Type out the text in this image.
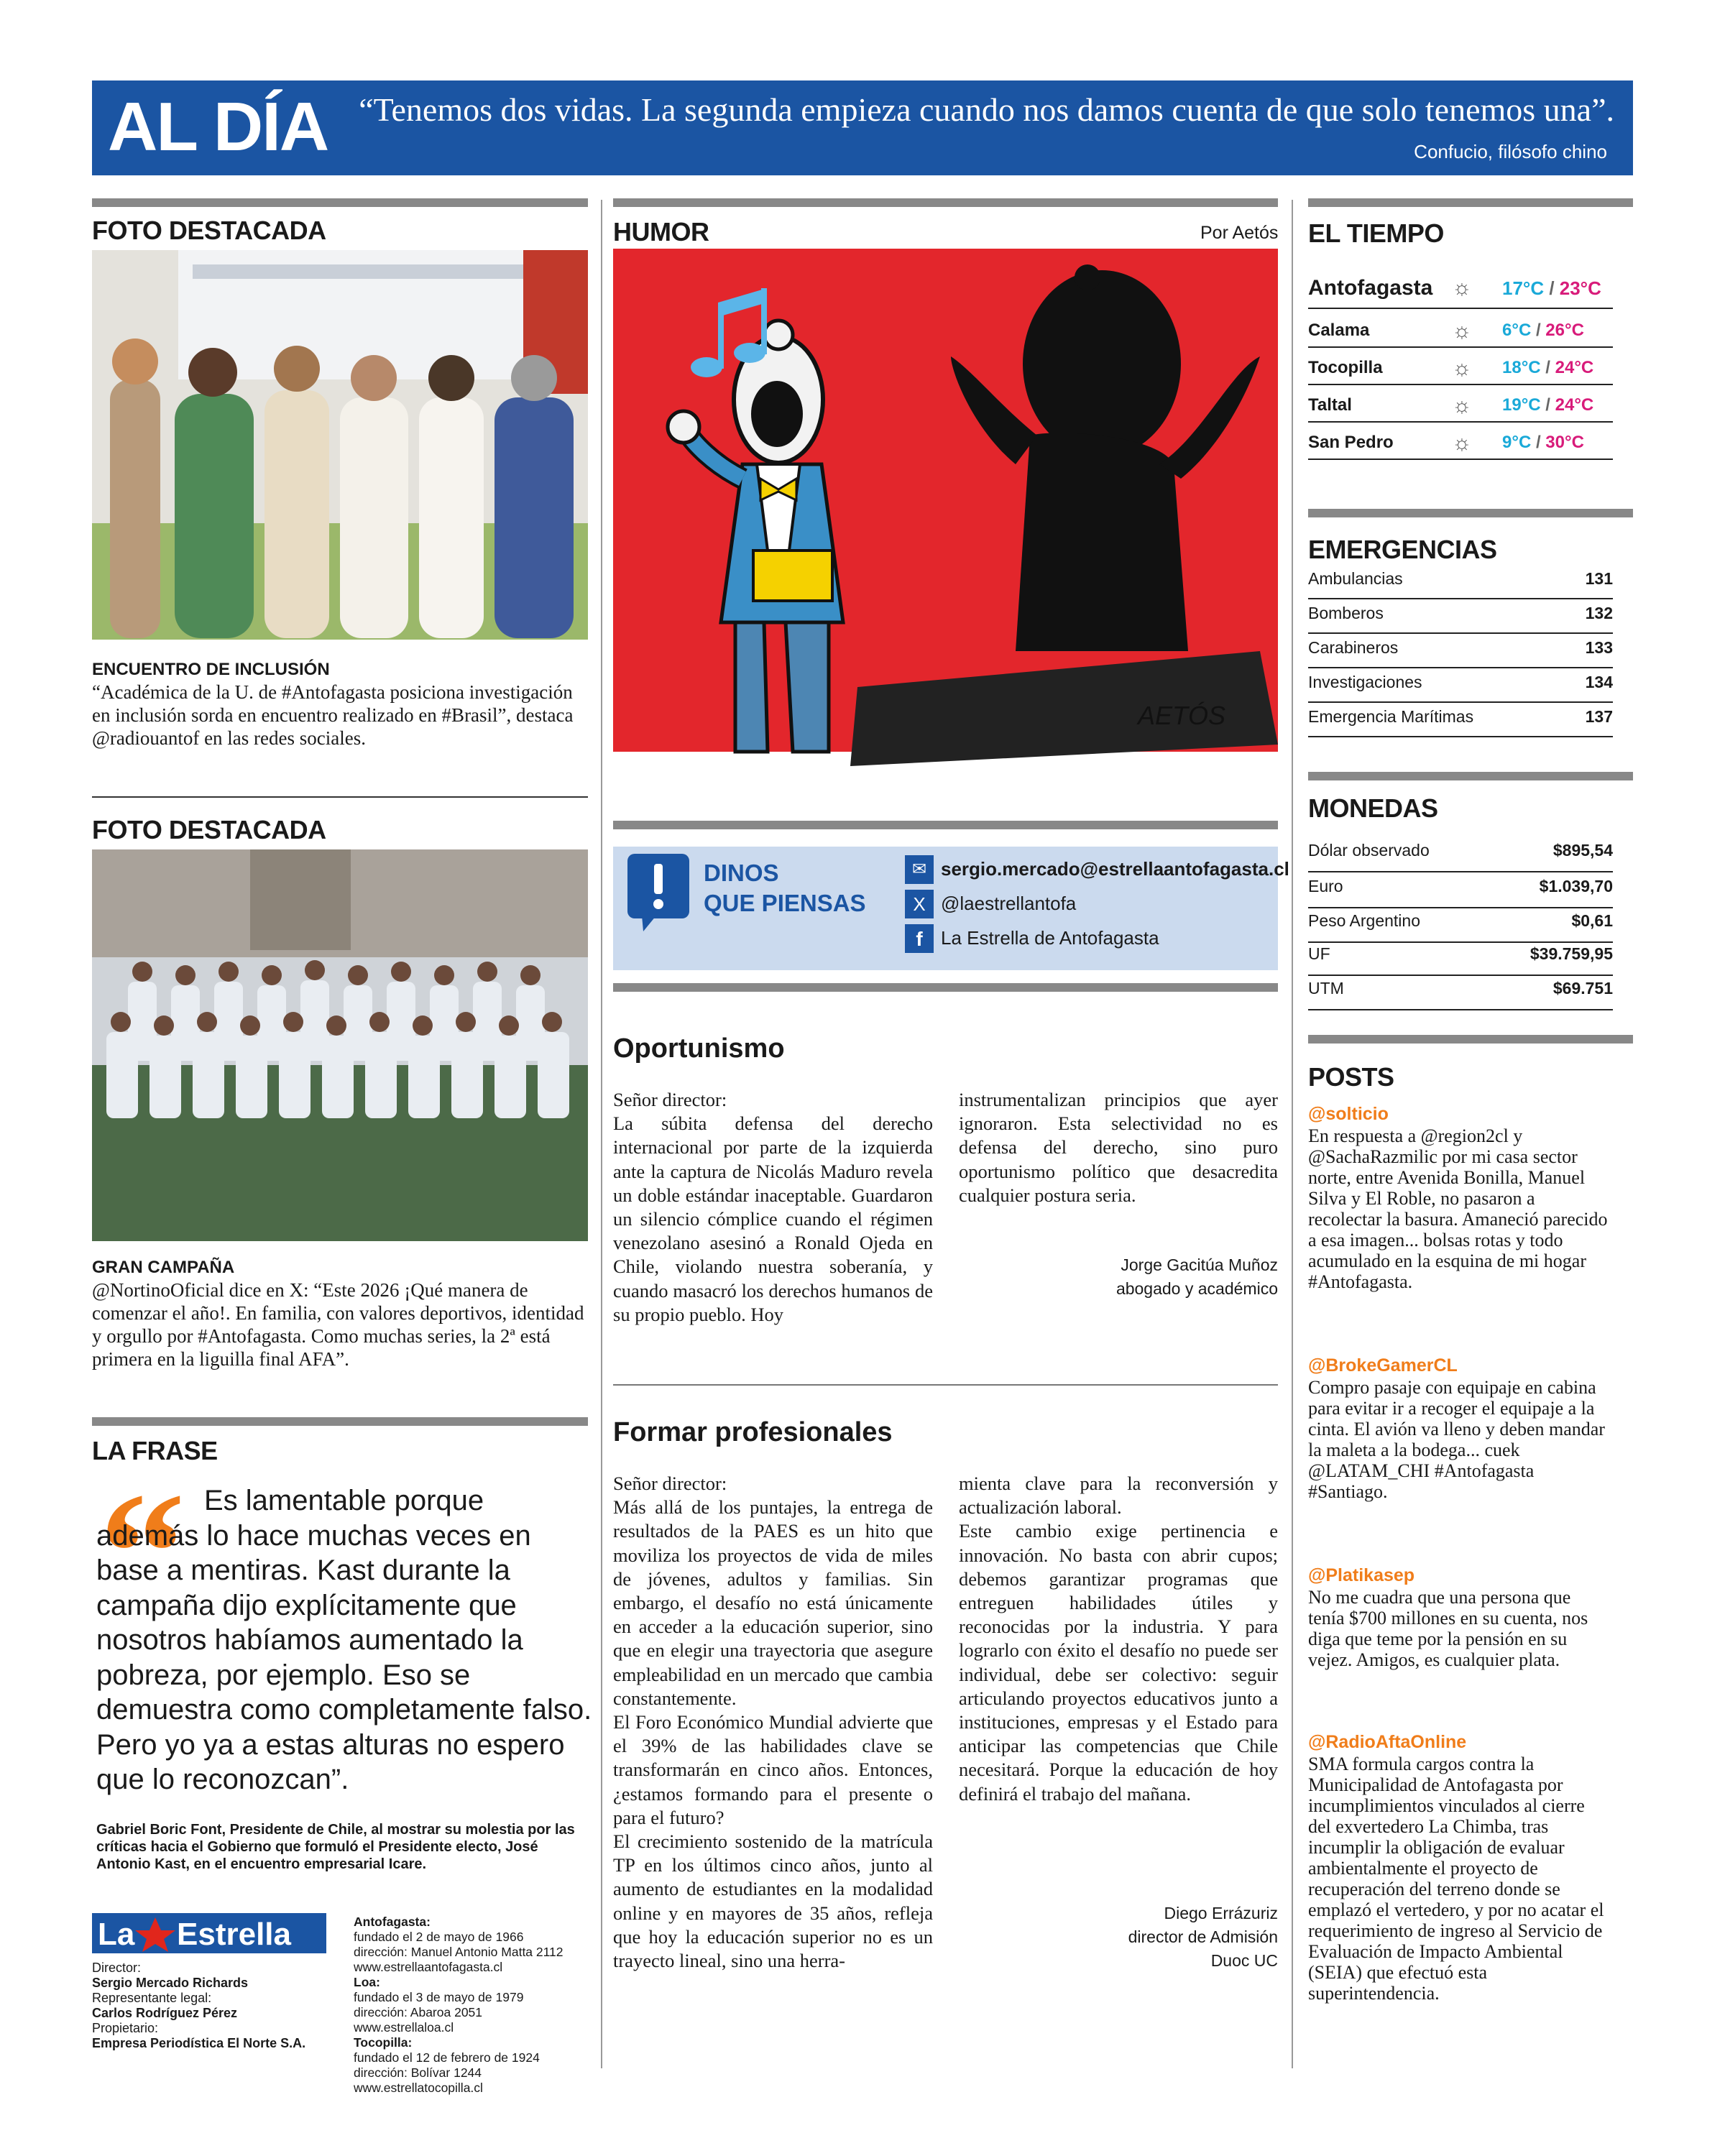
AL DÍA “Tenemos dos vidas. La segunda empieza cuando nos damos cuenta de que solo tenemos una”.
Confucio, filósofo chino
FOTO DESTACADA
ENCUENTRO DE INCLUSIÓN
“Académica de la U. de #Antofagasta posiciona investigación en inclusión sorda en encuentro realizado en #Brasil”, destaca @radiouantof en las redes sociales.
FOTO DESTACADA
GRAN CAMPAÑA
@NortinoOficial dice en X: “Este 2026 ¡Qué manera de comenzar el año!. En familia, con valores deportivos, identidad y orgullo por #Antofagasta. Como muchas series, la 2ª está primera en la liguilla final AFA”.
LA FRASE
“ Es lamentable porque además lo hace muchas veces en base a mentiras. Kast durante la campaña dijo explícitamente que nosotros habíamos aumentado la pobreza, por ejemplo. Eso se demuestra como completamente falso. Pero yo ya a estas alturas no espero que lo reconozcan”.
Gabriel Boric Font, Presidente de Chile, al mostrar su molestia por las críticas hacia el Gobierno que formuló el Presidente electo, José Antonio Kast, en el encuentro empresarial Icare.
La Estrella
Director:
Sergio Mercado Richards
Representante legal:
Carlos Rodríguez Pérez
Propietario:
Empresa Periodística El Norte S.A.
Antofagasta:
fundado el 2 de mayo de 1966
dirección: Manuel Antonio Matta 2112
www.estrellaantofagasta.cl
Loa:
fundado el 3 de mayo de 1979
dirección: Abaroa 2051
www.estrellaloa.cl
Tocopilla:
fundado el 12 de febrero de 1924
dirección: Bolívar 1244
www.estrellatocopilla.cl
HUMOR	Por Aetós
AETÓS
DINOS
QUE PIENSAS
✉ sergio.mercado@estrellaantofagasta.cl
X @laestrellantofa
f La Estrella de Antofagasta
Oportunismo
Señor director:
La súbita defensa del derecho internacional por parte de la izquierda ante la captura de Nicolás Maduro revela un doble estándar inaceptable. Guardaron un silencio cómplice cuando el régimen venezolano asesinó a Ronald Ojeda en Chile, violando nuestra soberanía, y cuando masacró los derechos humanos de su propio pueblo. Hoy
instrumentalizan principios que ayer ignoraron. Esta selectividad no es defensa del derecho, sino puro oportunismo político que desacredita cualquier postura seria.
Jorge Gacitúa Muñoz
abogado y académico
Formar profesionales
Señor director:
Más allá de los puntajes, la entrega de resultados de la PAES es un hito que moviliza los proyectos de vida de miles de jóvenes, adultos y familias. Sin embargo, el desafío no está únicamente en acceder a la educación superior, sino que en elegir una trayectoria que asegure empleabilidad en un mercado que cambia constantemente.
El Foro Económico Mundial advierte que el 39% de las habilidades clave se transformarán en cinco años. Entonces, ¿estamos formando para el presente o para el futuro?
El crecimiento sostenido de la matrícula TP en los últimos cinco años, junto al aumento de estudiantes en la modalidad online y en mayores de 35 años, refleja que hoy la educación superior no es un trayecto lineal, sino una herra-
mienta clave para la reconversión y actualización laboral.
Este cambio exige pertinencia e innovación. No basta con abrir cupos; debemos garantizar programas que entreguen habilidades útiles y reconocidas por la industria. Y para lograrlo con éxito el desafío no puede ser individual, debe ser colectivo: seguir articulando proyectos educativos junto a instituciones, empresas y el Estado para anticipar las competencias que Chile necesitará. Porque la educación de hoy definirá el trabajo del mañana.
Diego Errázuriz
director de Admisión
Duoc UC
EL TIEMPO
Antofagasta ☼ 17°C / 23°C
Calama	☼ 6°C / 26°C
Tocopilla	☼ 18°C / 24°C
Taltal	☼ 19°C / 24°C
San Pedro	☼ 9°C / 30°C
EMERGENCIAS
Ambulancias	131
Bomberos	132
Carabineros	133
Investigaciones	134
Emergencia Marítimas	137
MONEDAS
Dólar observado	$895,54
Euro	$1.039,70
Peso Argentino	$0,61
UF	$39.759,95
UTM	$69.751
POSTS
@solticio
En respuesta a @region2cl y @SachaRazmilic por mi casa sector norte, entre Avenida Bonilla, Manuel Silva y El Roble, no pasaron a recolectar la basura. Amaneció parecido a esa imagen... bolsas rotas y todo acumulado en la esquina de mi hogar #Antofagasta.
@BrokeGamerCL
Compro pasaje con equipaje en cabina para evitar ir a recoger el equipaje a la cinta. El avión va lleno y deben mandar la maleta a la bodega... cuek @LATAM_CHI #Antofagasta #Santiago.
@Platikasep
No me cuadra que una persona que tenía $700 millones en su cuenta, nos diga que teme por la pensión en su vejez. Amigos, es cualquier plata.
@RadioAftaOnline
SMA formula cargos contra la Municipalidad de Antofagasta por incumplimientos vinculados al cierre del exvertedero La Chimba, tras incumplir la obligación de evaluar ambientalmente el proyecto de recuperación del terreno donde se emplazó el vertedero, y por no acatar el requerimiento de ingreso al Servicio de Evaluación de Impacto Ambiental (SEIA) que efectuó esta superintendencia.
